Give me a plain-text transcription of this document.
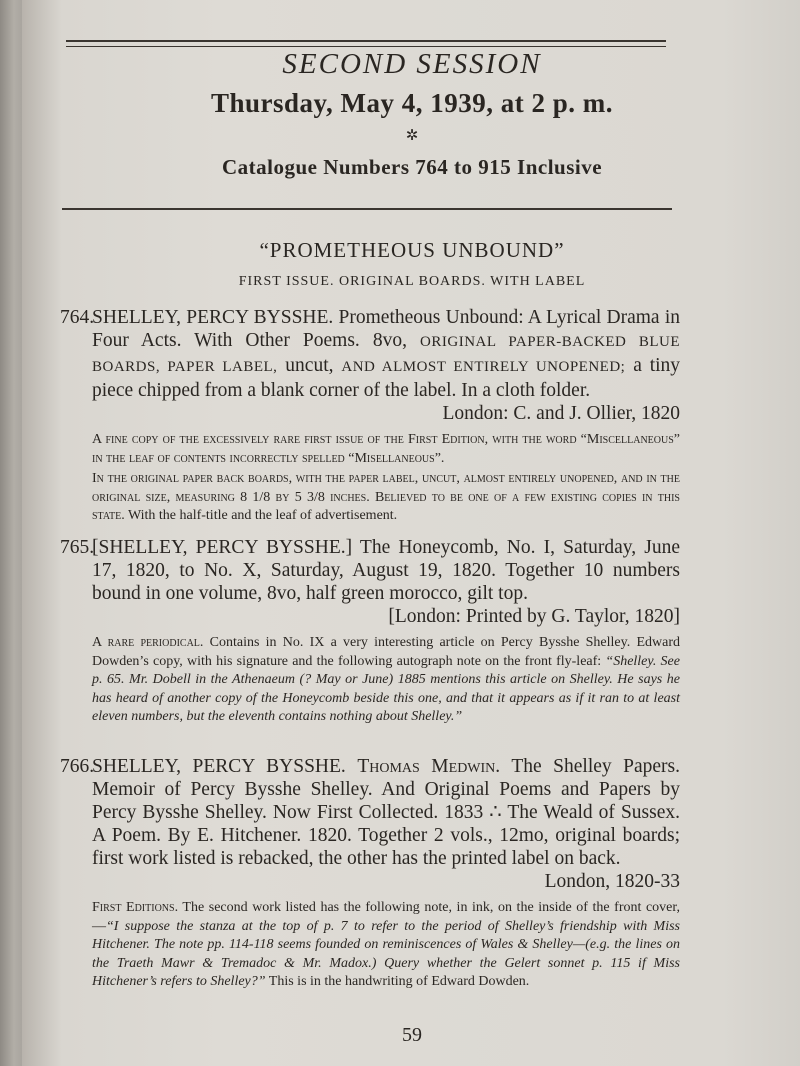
SECOND SESSION
Thursday, May 4, 1939, at 2 p. m.
✲
Catalogue Numbers 764 to 915 Inclusive
“PROMETHEOUS UNBOUND”
FIRST ISSUE. ORIGINAL BOARDS. WITH LABEL
764.SHELLEY, PERCY BYSSHE. Prometheous Unbound: A Lyrical Drama in Four Acts. With Other Poems. 8vo, ORIGINAL PAPER-BACKED BLUE BOARDS, PAPER LABEL, uncut, AND ALMOST ENTIRELY UNOPENED; a tiny piece chipped from a blank corner of the label. In a cloth folder.
London: C. and J. Ollier, 1820

A fine copy of the excessively rare first issue of the First Edition, with the word “Miscellaneous” in the leaf of contents incorrectly spelled “Misellaneous”.

In the original paper back boards, with the paper label, uncut, almost entirely unopened, and in the original size, measuring 8 1/8 by 5 3/8 inches. Believed to be one of a few existing copies in this state. With the half-title and the leaf of advertisement.

765.[SHELLEY, PERCY BYSSHE.] The Honeycomb, No. I, Saturday, June 17, 1820, to No. X, Saturday, August 19, 1820. Together 10 numbers bound in one volume, 8vo, half green morocco, gilt top.
[London: Printed by G. Taylor, 1820]

A rare periodical. Contains in No. IX a very interesting article on Percy Bysshe Shelley. Edward Dowden’s copy, with his signature and the following autograph note on the front fly-leaf: “Shelley. See p. 65. Mr. Dobell in the Athenaeum (? May or June) 1885 mentions this article on Shelley. He says he has heard of another copy of the Honeycomb beside this one, and that it appears as if it ran to at least eleven numbers, but the eleventh contains nothing about Shelley.”

766.SHELLEY, PERCY BYSSHE. Thomas Medwin. The Shelley Papers. Memoir of Percy Bysshe Shelley. And Original Poems and Papers by Percy Bysshe Shelley. Now First Collected. 1833 ∴ The Weald of Sussex. A Poem. By E. Hitchener. 1820. Together 2 vols., 12mo, original boards; first work listed is rebacked, the other has the printed label on back.
London, 1820-33

First Editions. The second work listed has the following note, in ink, on the inside of the front cover,—“I suppose the stanza at the top of p. 7 to refer to the period of Shelley’s friendship with Miss Hitchener. The note pp. 114-118 seems founded on reminiscences of Wales & Shelley—(e.g. the lines on the Traeth Mawr & Tremadoc & Mr. Madox.) Query whether the Gelert sonnet p. 115 if Miss Hitchener’s refers to Shelley?” This is in the handwriting of Edward Dowden.

59
